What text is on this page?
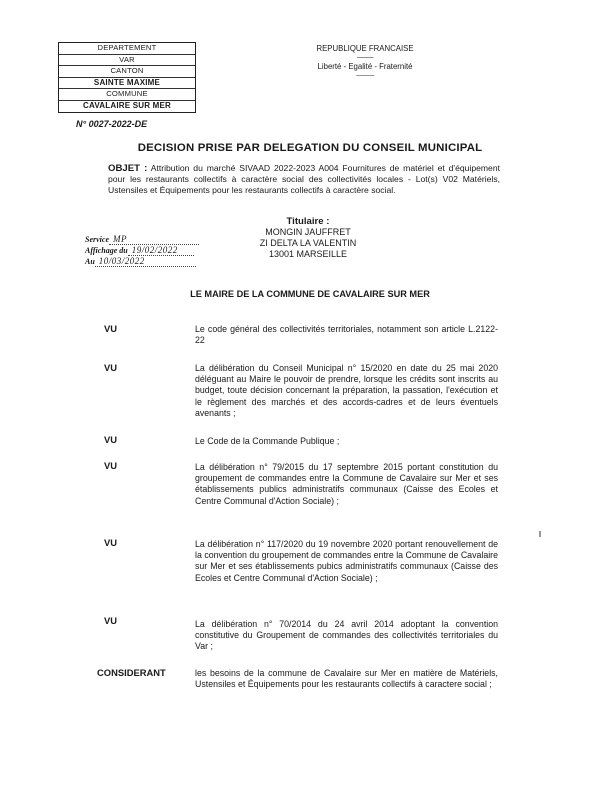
DEPARTEMENT
VAR
CANTON
SAINTE MAXIME
COMMUNE
CAVALAIRE SUR MER
REPUBLIQUE FRANCAISE
-----------
Liberté - Egalité - Fraternité
------------
N° 0027-2022-DE
DECISION PRISE PAR DELEGATION DU CONSEIL MUNICIPAL
OBJET : Attribution du marché SIVAAD 2022-2023 A004 Fournitures de matériel et d'équipement pour les restaurants collectifs à caractère social des collectivités locales - Lot(s) V02 Matériels, Ustensiles et Équipements pour les restaurants collectifs à caractère social.
Titulaire :
MONGIN JAUFFRET
ZI DELTA LA VALENTIN
13001 MARSEILLE
Service MP
Affichage du 19/02/2022
Au 10/03/2022
LE MAIRE DE LA COMMUNE DE CAVALAIRE SUR MER
VU	Le code général des collectivités territoriales, notamment son article L.2122-22
VU	La délibération du Conseil Municipal n° 15/2020 en date du 25 mai 2020 déléguant au Maire le pouvoir de prendre, lorsque les crédits sont inscrits au budget, toute décision concernant la préparation, la passation, l'exécution et le règlement des marchés et des accords-cadres et de leurs éventuels avenants ;
VU	Le Code de la Commande Publique ;
VU	La délibération n° 79/2015 du 17 septembre 2015 portant constitution du groupement de commandes entre la Commune de Cavalaire sur Mer et ses établissements publics administratifs communaux (Caisse des Ecoles et Centre Communal d'Action Sociale) ;
VU	La délibération n° 117/2020 du 19 novembre 2020 portant renouvellement de la convention du groupement de commandes entre la Commune de Cavalaire sur Mer et ses établissements pubics administratifs communaux (Caisse des Ecoles et Centre Communal d'Action Sociale) ;
VU	La délibération n° 70/2014 du 24 avril 2014 adoptant la convention constitutive du Groupement de commandes des collectivités territoriales du Var ;
CONSIDERANT	les besoins de la commune de Cavalaire sur Mer en matière de Matériels, Ustensiles et Équipements pour les restaurants collectifs à caractere social ;
